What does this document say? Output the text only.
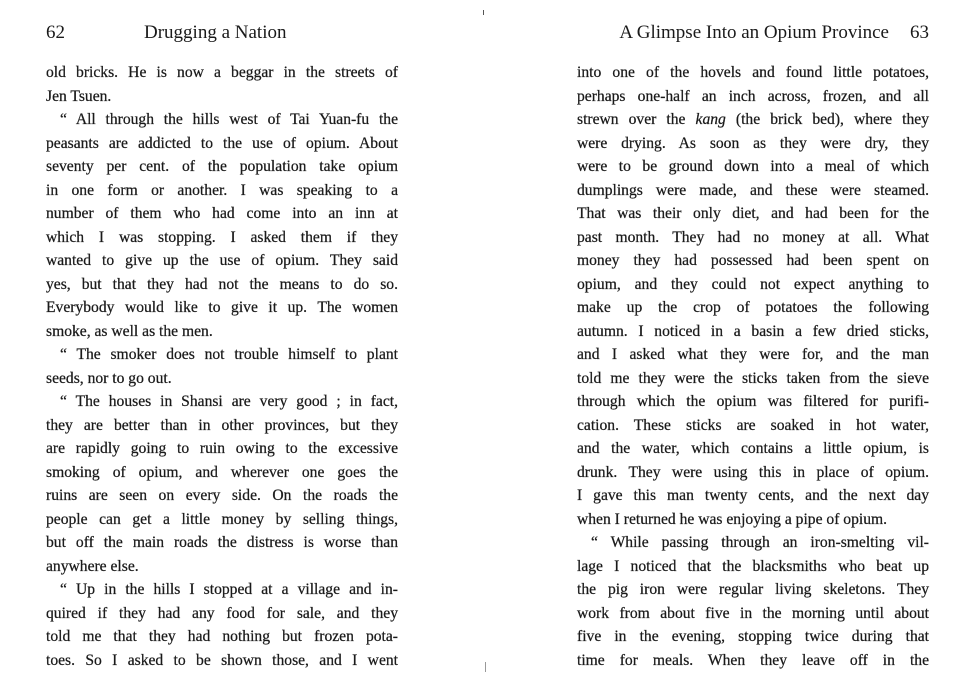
62	Drugging a Nation
old bricks. He is now a beggar in the streets of
Jen Tsuen.
“ All through the hills west of Tai Yuan-fu the
peasants are addicted to the use of opium. About
seventy per cent. of the population take opium
in one form or another. I was speaking to a
number of them who had come into an inn at
which I was stopping. I asked them if they
wanted to give up the use of opium. They said
yes, but that they had not the means to do so.
Everybody would like to give it up. The women
smoke, as well as the men.
“ The smoker does not trouble himself to plant
seeds, nor to go out.
“ The houses in Shansi are very good ; in fact,
they are better than in other provinces, but they
are rapidly going to ruin owing to the excessive
smoking of opium, and wherever one goes the
ruins are seen on every side. On the roads the
people can get a little money by selling things,
but off the main roads the distress is worse than
anywhere else.
“ Up in the hills I stopped at a village and in-
quired if they had any food for sale, and they
told me that they had nothing but frozen pota-
toes. So I asked to be shown those, and I went
A Glimpse Into an Opium Province 63
into one of the hovels and found little potatoes,
perhaps one-half an inch across, frozen, and all
strewn over the kang (the brick bed), where they
were drying. As soon as they were dry, they
were to be ground down into a meal of which
dumplings were made, and these were steamed.
That was their only diet, and had been for the
past month. They had no money at all. What
money they had possessed had been spent on
opium, and they could not expect anything to
make up the crop of potatoes the following
autumn. I noticed in a basin a few dried sticks,
and I asked what they were for, and the man
told me they were the sticks taken from the sieve
through which the opium was filtered for purifi-
cation. These sticks are soaked in hot water,
and the water, which contains a little opium, is
drunk. They were using this in place of opium.
I gave this man twenty cents, and the next day
when I returned he was enjoying a pipe of opium.
“ While passing through an iron-smelting vil-
lage I noticed that the blacksmiths who beat up
the pig iron were regular living skeletons. They
work from about five in the morning until about
five in the evening, stopping twice during that
time for meals. When they leave off in the
